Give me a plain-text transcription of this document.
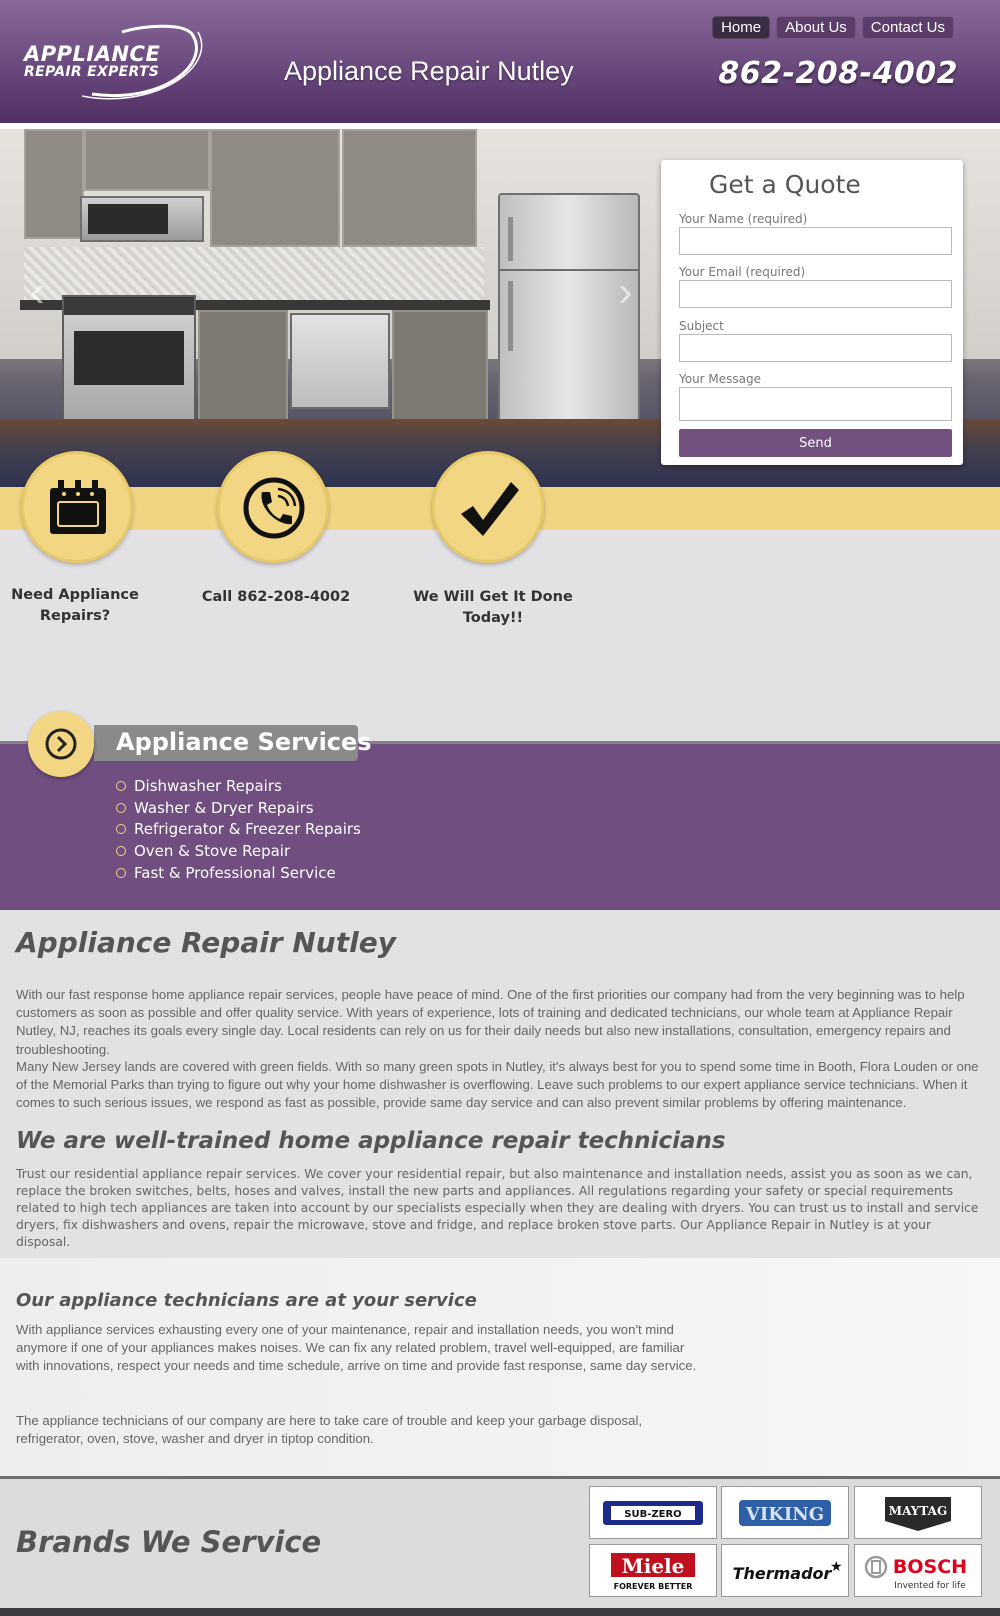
APPLIANCE
REPAIR EXPERTS	Appliance Repair Nutley	862-208-4002
Home	About Us	Contact Us
‹	›
Get a Quote
Your Name (required)
Your Email (required)
Subject
Your Message
Send
Need Appliance Repairs?
Call 862-208-4002	We Will Get It Done Today!!
Appliance Services
Dishwasher Repairs
Washer & Dryer Repairs
Refrigerator & Freezer Repairs
Oven & Stove Repair
Fast & Professional Service
Appliance Repair Nutley
With our fast response home appliance repair services, people have peace of mind. One of the first priorities our company had from the very beginning was to help customers as soon as possible and offer quality service. With years of experience, lots of training and dedicated technicians, our whole team at Appliance Repair Nutley, NJ, reaches its goals every single day. Local residents can rely on us for their daily needs but also new installations, consultation, emergency repairs and troubleshooting.
Many New Jersey lands are covered with green fields. With so many green spots in Nutley, it's always best for you to spend some time in Booth, Flora Louden or one of the Memorial Parks than trying to figure out why your home dishwasher is overflowing. Leave such problems to our expert appliance service technicians. When it comes to such serious issues, we respond as fast as possible, provide same day service and can also prevent similar problems by offering maintenance.
We are well-trained home appliance repair technicians
Trust our residential appliance repair services. We cover your residential repair, but also maintenance and installation needs, assist you as soon as we can, replace the broken switches, belts, hoses and valves, install the new parts and appliances. All regulations regarding your safety or special requirements related to high tech appliances are taken into account by our specialists especially when they are dealing with dryers. You can trust us to install and service dryers, fix dishwashers and ovens, repair the microwave, stove and fridge, and replace broken stove parts. Our Appliance Repair in Nutley is at your disposal.
Our appliance technicians are at your service
With appliance services exhausting every one of your maintenance, repair and installation needs, you won't mind anymore if one of your appliances makes noises. We can fix any related problem, travel well-equipped, are familiar with innovations, respect your needs and time schedule, arrive on time and provide fast response, same day service.
The appliance technicians of our company are here to take care of trouble and keep your garbage disposal, refrigerator, oven, stove, washer and dryer in tiptop condition.
Brands We Service
SUB-ZERO	VIKING	MAYTAG
Miele
FOREVER BETTER
Thermador
★	BOSCH
Invented for life
